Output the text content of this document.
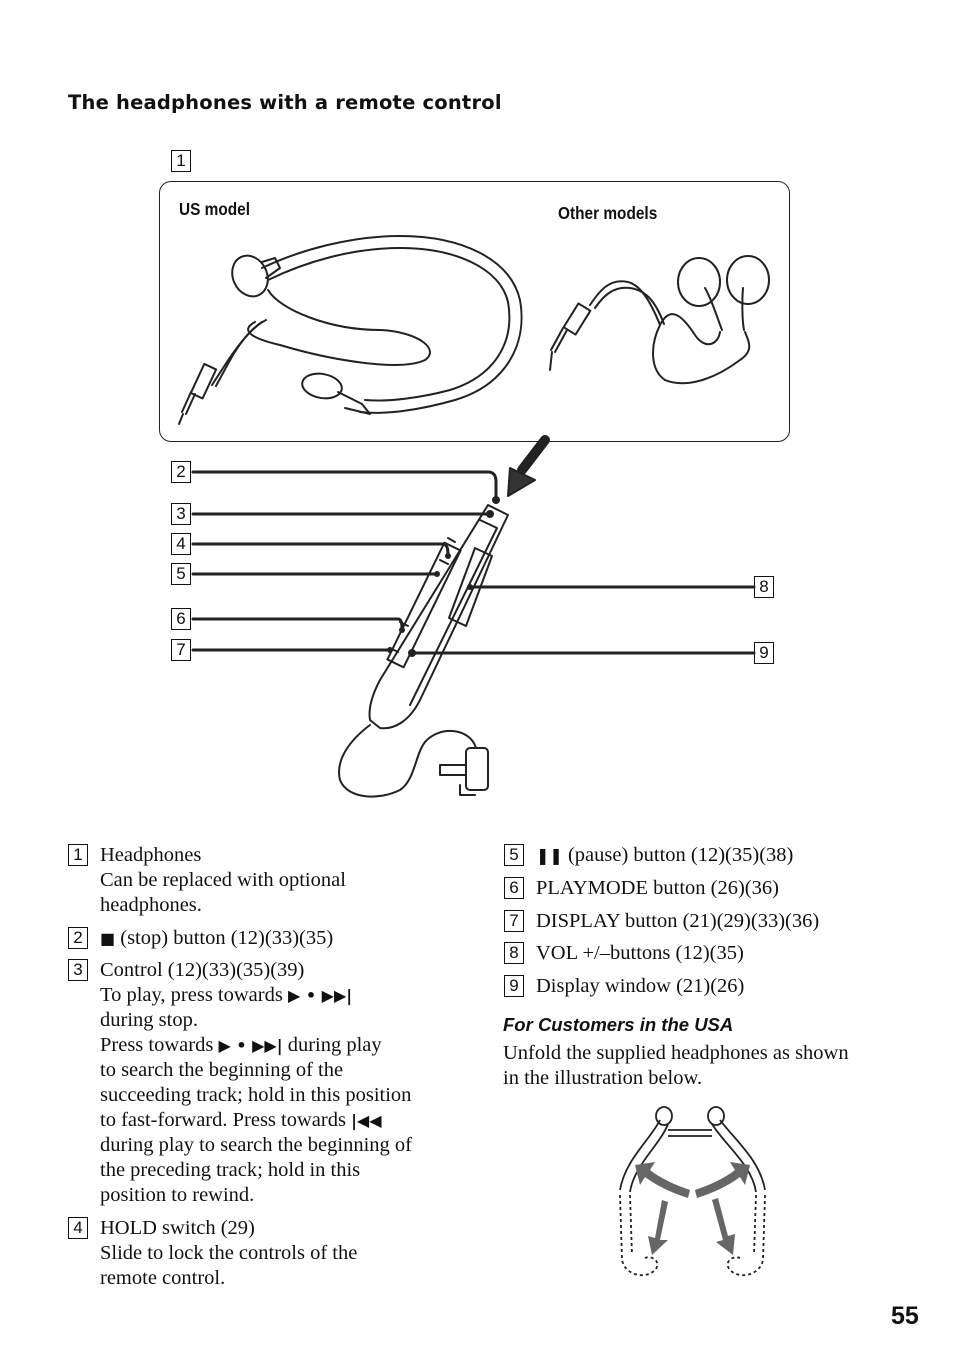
The headphones with a remote control
1
2
3
4
5
6
7
8
9
US model	Other models
1 Headphones
Can be replaced with optional
headphones.
2	■ (stop) button (12)(33)(35)
3 Control (12)(33)(35)(39)
To play, press towards ▶ • ▶▶|
during stop.
Press towards ▶ • ▶▶| during play
to search the beginning of the
succeeding track; hold in this position
to fast-forward. Press towards |◀◀
during play to search the beginning of
the preceding track; hold in this
position to rewind.
4 HOLD switch (29)
Slide to lock the controls of the
remote control.
5	❚❚ (pause) button (12)(35)(38)
6 PLAYMODE button (26)(36)
7 DISPLAY button (21)(29)(33)(36)
8 VOL +/–buttons (12)(35)
9 Display window (21)(26)
For Customers in the USA
Unfold the supplied headphones as shown
in the illustration below.
55
